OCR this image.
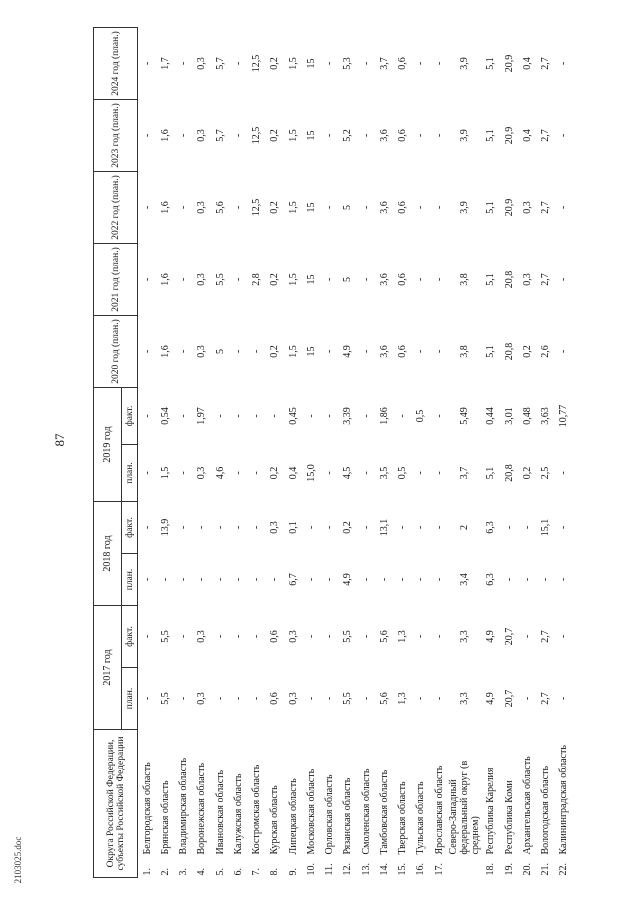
87
2103025.doc	Округа Российской Федерации, субъекты Российской Федерации		2017 год		2018 год		2019 год		2020 год (план.)	2021 год (план.)	2022 год (план.)	2023 год (план.)	2024 год (план.)
		план.	факт.	план.	факт.	план.	факт.					
1.	Белгородская область	-	-	-	-	-	-	-	-	-	-	-
2.	Брянская область	5,5	5,5	-	13,9	1,5	0,54	1,6	1,6	1,6	1,6	1,7
3.	Владимирская область	-	-	-	-	-	-	-	-	-	-	-
4.	Воронежская область	0,3	0,3	-	-	0,3	1,97	0,3	0,3	0,3	0,3	0,3
5.	Ивановская область	-	-	-	-	4,6	-	5	5,5	5,6	5,7	5,7
6.	Калужская область	-	-	-	-	-	-	-	-	-	-	-
7.	Костромская область	-	-	-	-	-	-	-	2,8	12,5	12,5	12,5
8.	Курская область	0,6	0,6	-	0,3	0,2	-	0,2	0,2	0,2	0,2	0,2
9.	Липецкая область	0,3	0,3	6,7	0,1	0,4	0,45	1,5	1,5	1,5	1,5	1,5
10.	Московская область	-	-	-	-	15,0	-	15	15	15	15	15
11.	Орловская область	-	-	-	-	-	-	-	-	-	-	-
12.	Рязанская область	5,5	5,5	4,9	0,2	4,5	3,39	4,9	5	5	5,2	5,3
13.	Смоленская область	-	-	-	-	-	-	-	-	-	-	-
14.	Тамбовская область	5,6	5,6	-	13,1	3,5	1,86	3,6	3,6	3,6	3,6	3,7
15.	Тверская область	1,3	1,3	-	-	0,5	-	0,6	0,6	0,6	0,6	0,6
16.	Тульская область	-	-	-	-	-	0,5	-	-	-	-	-
17.	Ярославская область	-	-	-	-	-	-	-	-	-	-	-
	Северо-Западный федеральный округ (в среднем)	3,3	3,3	3,4	2	3,7	5,49	3,8	3,8	3,9	3,9	3,9
18.	Республика Карелия	4,9	4,9	6,3	6,3	5,1	0,44	5,1	5,1	5,1	5,1	5,1
19.	Республика Коми	20,7	20,7	-	-	20,8	3,01	20,8	20,8	20,9	20,9	20,9
20.	Архангельская область	-	-	-	-	0,2	0,48	0,2	0,3	0,3	0,4	0,4
21.	Вологодская область	2,7	2,7	-	15,1	2,5	3,63	2,6	2,7	2,7	2,7	2,7
22.	Калининградская область	-	-	-	-	-	10,77	-	-	-	-	-
